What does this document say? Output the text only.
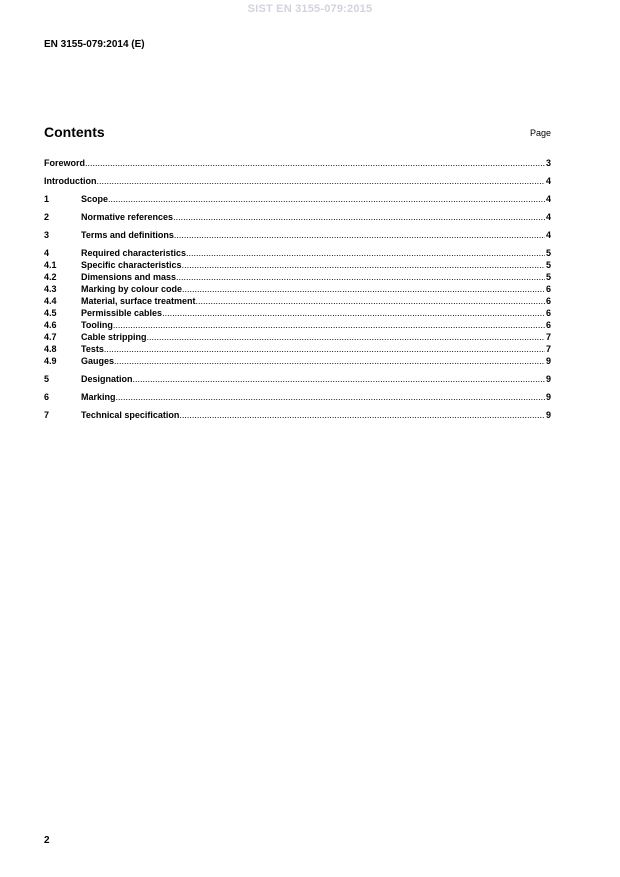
SIST EN 3155-079:2015
EN 3155-079:2014 (E)
Contents	Page
Foreword .....	3
Introduction .....	4
1	Scope .....	4
2	Normative references .....	4
3	Terms and definitions .....	4
4	Required characteristics .....	5
4.1	Specific characteristics .....	5
4.2	Dimensions and mass .....	5
4.3	Marking by colour code .....	6
4.4	Material, surface treatment .....	6
4.5	Permissible cables .....	6
4.6	Tooling .....	6
4.7	Cable stripping .....	7
4.8	Tests .....	7
4.9	Gauges .....	9
5	Designation .....	9
6	Marking .....	9
7	Technical specification .....	9
2
